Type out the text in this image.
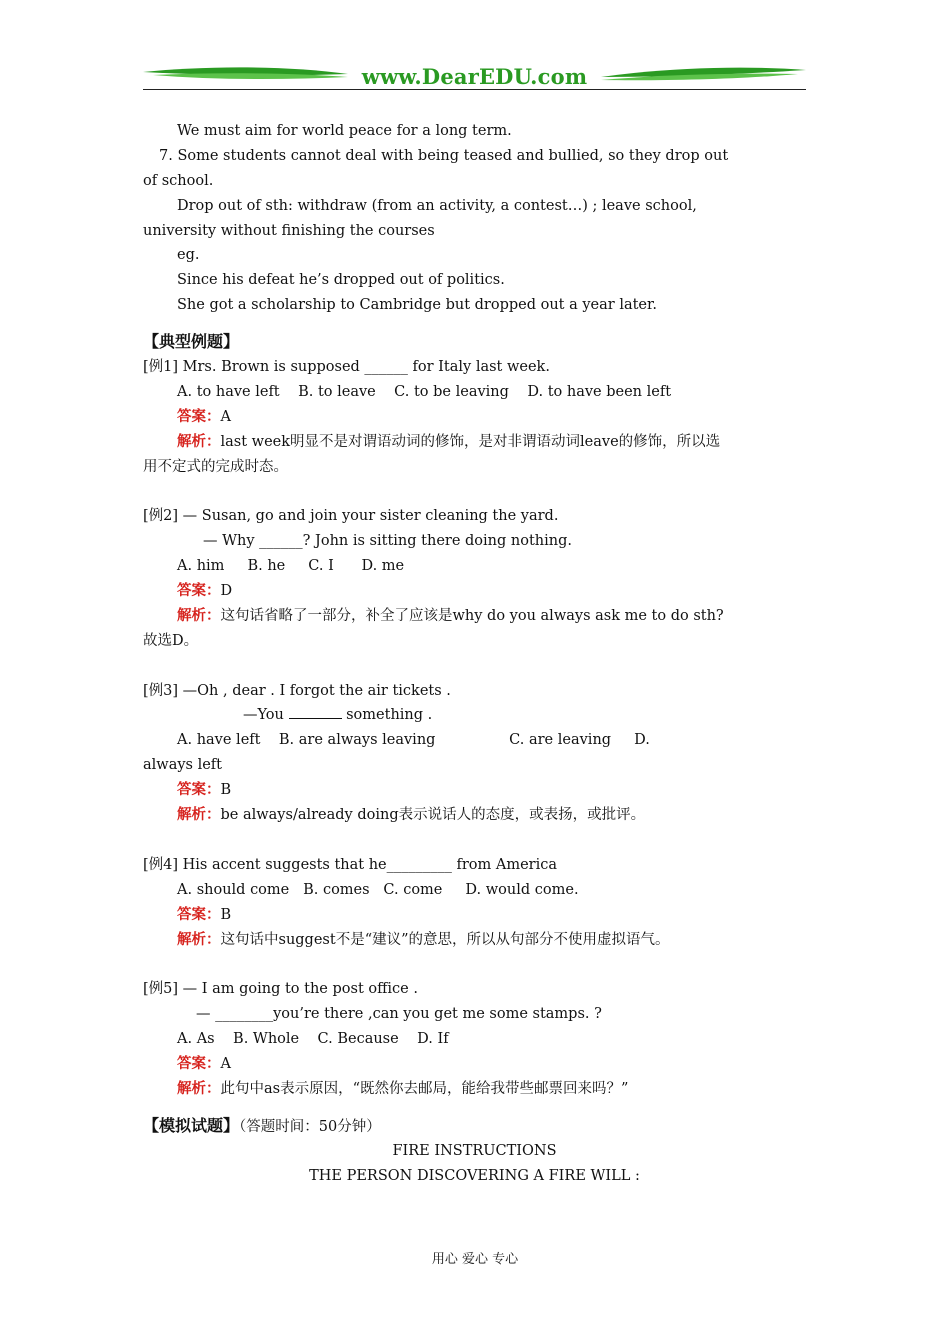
www.DearEDU.com
We must aim for world peace for a long term.
7. Some students cannot deal with being teased and bullied, so they drop out
of school.
Drop out of sth: withdraw (from an activity, a contest…) ; leave school,
university without finishing the courses
eg.
Since his defeat he’s dropped out of politics.
She got a scholarship to Cambridge but dropped out a year later.
【典型例题】
[例1] Mrs. Brown is supposed ______ for Italy last week.
A. to have left    B. to leave    C. to be leaving    D. to have been left
答案：A
解析：last week明显不是对谓语动词的修饰，是对非谓语动词leave的修饰，所以选
用不定式的完成时态。
[例2] — Susan, go and join your sister cleaning the yard.
— Why ______? John is sitting there doing nothing.
A. him     B. he     C. I      D. me
答案：D
解析：这句话省略了一部分，补全了应该是why do you always ask me to do sth?
故选D。
[例3] —Oh , dear . I forgot the air tickets .
—You	something .
A. have left    B. are always leaving                C. are leaving     D.
always left
答案：B
解析：be always/already doing表示说话人的态度，或表扬，或批评。
[例4] His accent suggests that he_________ from America
A. should come   B. comes   C. come     D. would come.
答案：B
解析：这句话中suggest不是“建议”的意思，所以从句部分不使用虚拟语气。
[例5] — I am going to the post office .
— ________you’re there ,can you get me some stamps. ?
A. As    B. Whole    C. Because    D. If
答案：A
解析：此句中as表示原因，“既然你去邮局，能给我带些邮票回来吗？”
【模拟试题】（答题时间：50分钟）
FIRE INSTRUCTIONS
THE PERSON DISCOVERING A FIRE WILL :
用心 爱心 专心
